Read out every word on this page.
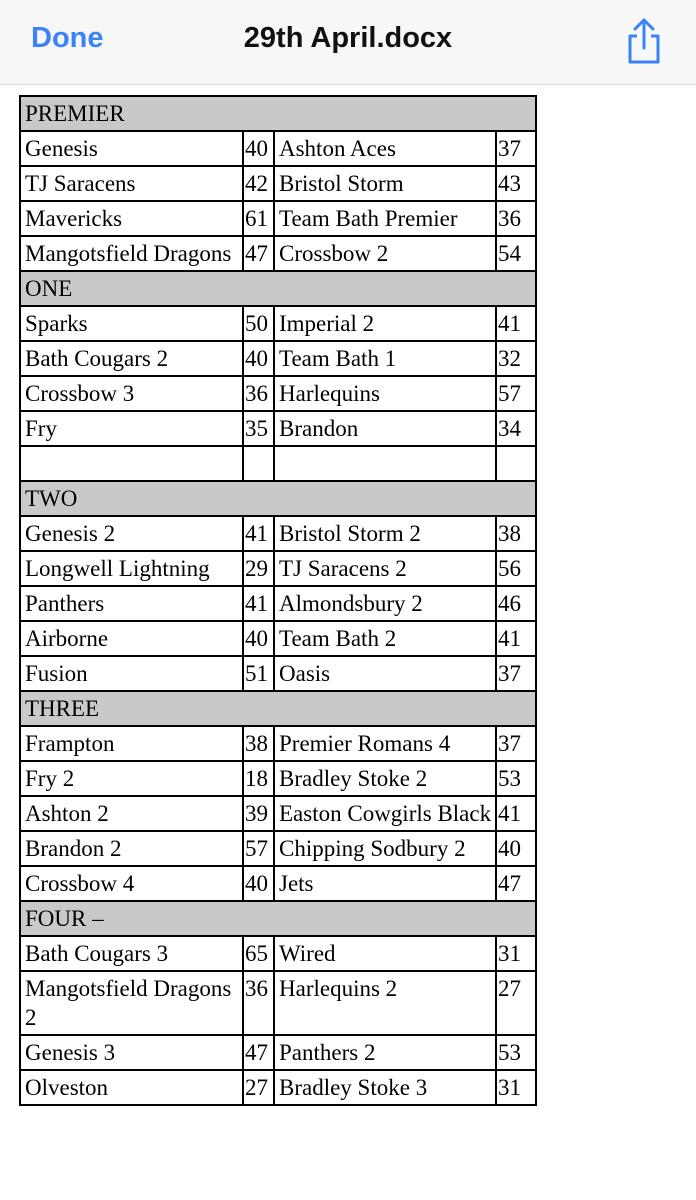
Done	29th April.docx
PREMIER			
Genesis	40	Ashton Aces	37
TJ Saracens	42	Bristol Storm	43
Mavericks	61	Team Bath Premier	36
Mangotsfield Dragons	47	Crossbow 2	54
ONE			
Sparks	50	Imperial 2	41
Bath Cougars 2	40	Team Bath 1	32
Crossbow 3	36	Harlequins	57
Fry	35	Brandon	34

TWO			
Genesis 2	41	Bristol Storm 2	38
Longwell Lightning	29	TJ Saracens 2	56
Panthers	41	Almondsbury 2	46
Airborne	40	Team Bath 2	41
Fusion	51	Oasis	37
THREE			
Frampton	38	Premier Romans 4	37
Fry 2	18	Bradley Stoke 2	53
Ashton 2	39	Easton Cowgirls Black	41
Brandon 2	57	Chipping Sodbury 2	40
Crossbow 4	40	Jets	47
FOUR –			
Bath Cougars 3	65	Wired	31
Mangotsfield Dragons 2	36	Harlequins 2	27
Genesis 3	47	Panthers 2	53
Olveston	27	Bradley Stoke 3	31
